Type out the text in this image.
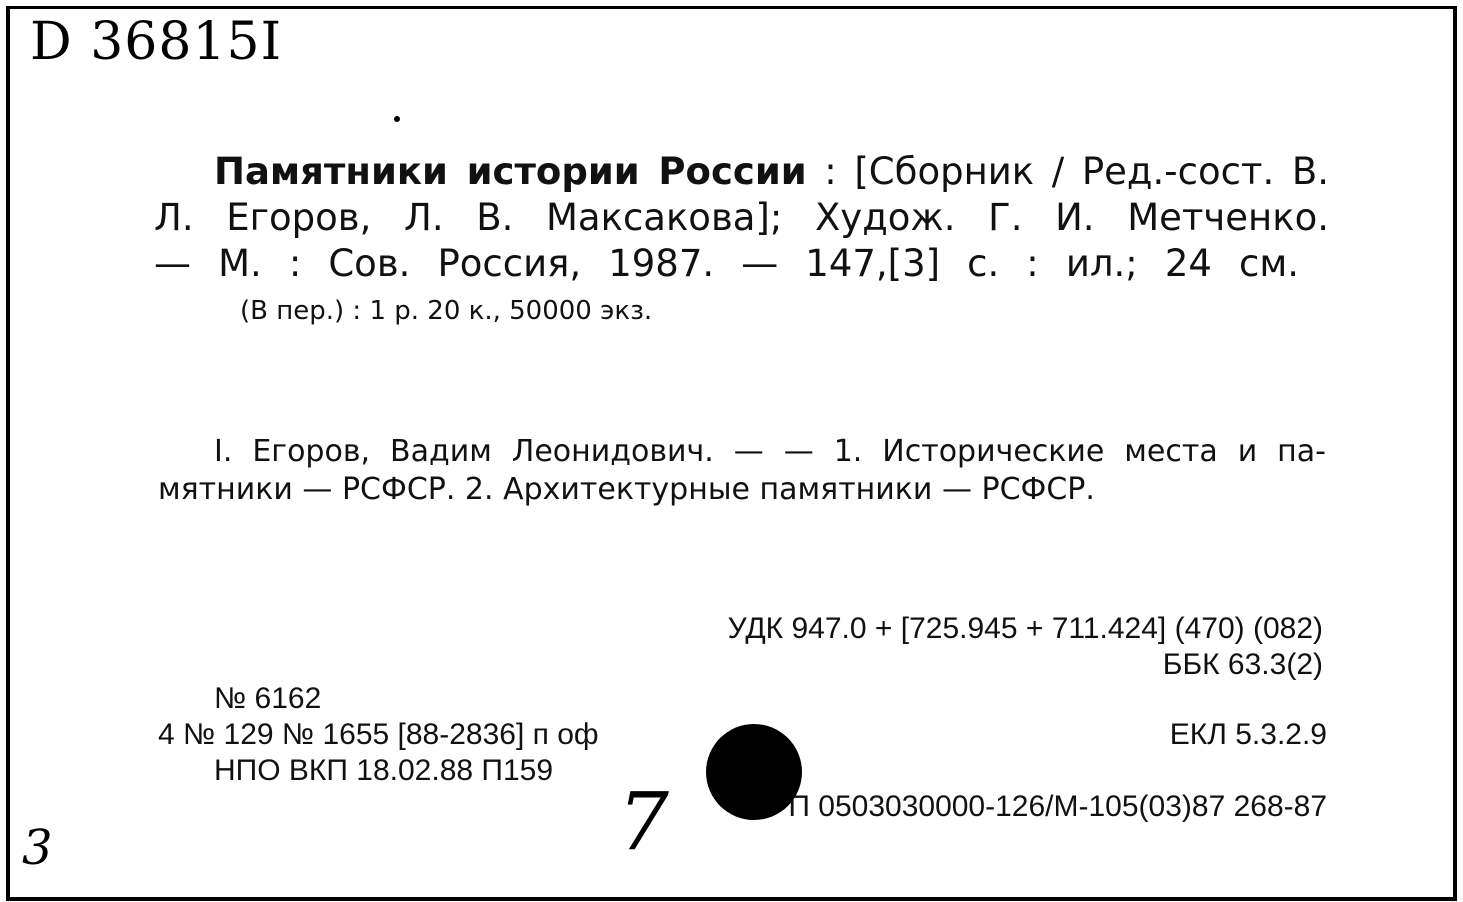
D 36815I
Памятники истории России : [Сборник / Ред.-сост. В.
Л. Егоров, Л. В. Максакова]; Худож. Г. И. Метченко.
— М. : Сов. Россия, 1987. — 147,[3] с. : ил.; 24 см.
(В пер.) : 1 р. 20 к., 50000 экз.
I. Егоров, Вадим Леонидович. — — 1. Исторические места и па-
мятники — РСФСР. 2. Архитектурные памятники — РСФСР.
УДК 947.0 + [725.945 + 711.424] (470) (082)
ББК 63.3(2)
№ 6162
4 № 129 № 1655 [88-2836] п оф
НПО ВКП 18.02.88 П159
ЕКЛ 5.3.2.9
П 0503030000-126/М-105(03)87 268-87
3	7
